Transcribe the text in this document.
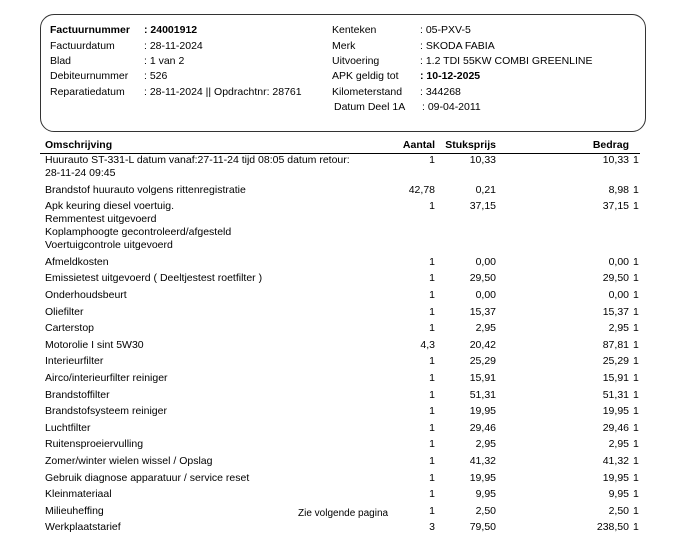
Factuurnummer : 24001912
Factuurdatum	: 28-11-2024
Blad	: 1 van 2
Debiteurnummer : 526
Reparatiedatum : 28-11-2024 || Opdrachtnr: 28761
Kenteken	: 05-PXV-5
Merk	: SKODA FABIA
Uitvoering	: 1.2 TDI 55KW COMBI GREENLINE
APK geldig tot : 10-12-2025
Kilometerstand : 344268
Datum Deel 1A : 09-04-2011
Omschrijving	Aantal Stuksprijs	Bedrag
Huurauto ST-331-L datum vanaf:27-11-24 tijd 08:05 datum retour:
28-11-24 09:45
1	10,33	10,33 1
Brandstof huurauto volgens rittenregistratie	42,78	0,21	8,98 1
Apk keuring diesel voertuig.
Remmentest uitgevoerd
Koplamphoogte gecontroleerd/afgesteld
Voertuigcontrole uitgevoerd
1	37,15	37,15 1
Afmeldkosten	1	0,00	0,00 1
Emissietest uitgevoerd ( Deeltjestest roetfilter )	1	29,50	29,50 1
Onderhoudsbeurt	1	0,00	0,00 1
Oliefilter	1	15,37	15,37 1
Carterstop	1	2,95	2,95 1
Motorolie I sint 5W30	4,3	20,42	87,81 1
Interieurfilter	1	25,29	25,29 1
Airco/interieurfilter reiniger	1	15,91	15,91 1
Brandstoffilter	1	51,31	51,31 1
Brandstofsysteem reiniger	1	19,95	19,95 1
Luchtfilter	1	29,46	29,46 1
Ruitensproeiervulling	1	2,95	2,95 1
Zomer/winter wielen wissel / Opslag	1	41,32	41,32 1
Gebruik diagnose apparatuur / service reset	1	19,95	19,95 1
Kleinmateriaal	1	9,95	9,95 1
Milieuheffing	1	2,50	2,50 1
Werkplaatstarief	3	79,50	238,50 1
Zie volgende pagina
